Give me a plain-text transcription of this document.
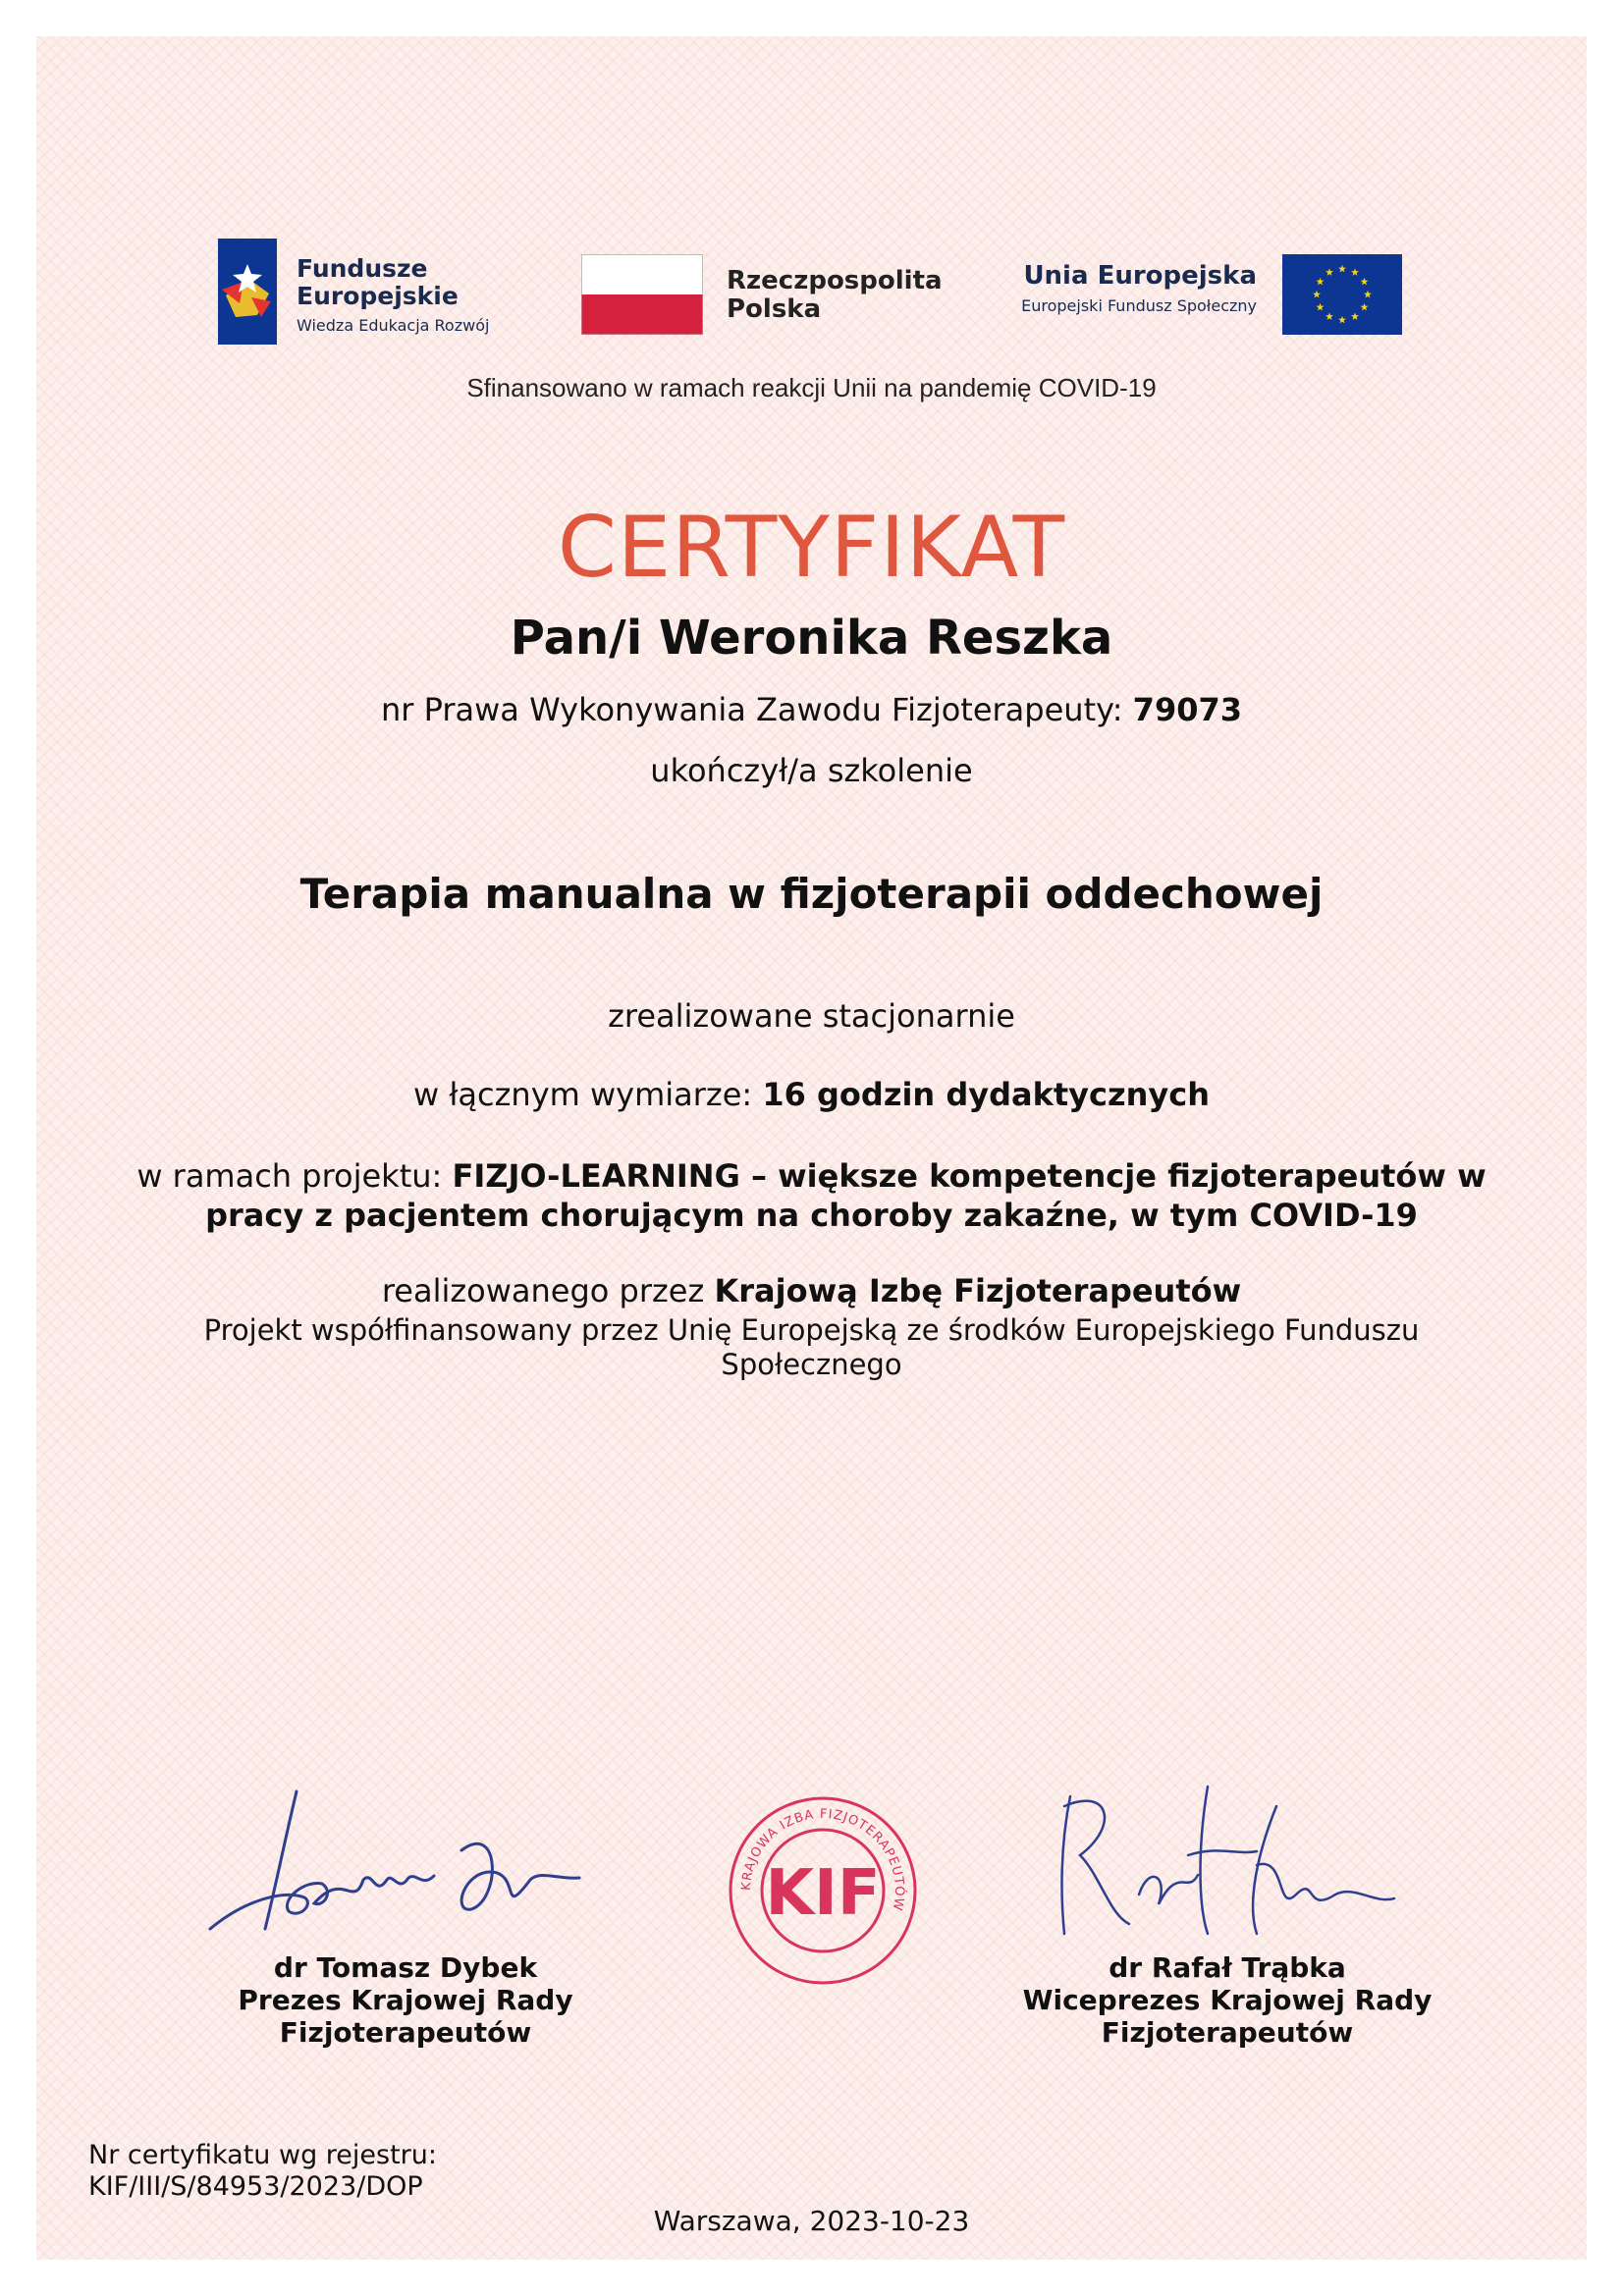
Fundusze
Europejskie
Wiedza Edukacja Rozwój
Rzeczpospolita
Polska
Unia Europejska
Europejski Fundusz Społeczny
Sfinansowano w ramach reakcji Unii na pandemię COVID-19
CERTYFIKAT
Pan/i Weronika Reszka
nr Prawa Wykonywania Zawodu Fizjoterapeuty: 79073
ukończył/a szkolenie
Terapia manualna w fizjoterapii oddechowej
zrealizowane stacjonarnie
w łącznym wymiarze: 16 godzin dydaktycznych
w ramach projektu: FIZJO-LEARNING – większe kompetencje fizjoterapeutów w
pracy z pacjentem chorującym na choroby zakaźne, w tym COVID-19
realizowanego przez Krajową Izbę Fizjoterapeutów
Projekt współfinansowany przez Unię Europejską ze środków Europejskiego Funduszu
Społecznego
KRAJOWA IZBA FIZJOTERAPEUTÓW
KIF
dr Tomasz Dybek
Prezes Krajowej Rady
Fizjoterapeutów
dr Rafał Trąbka
Wiceprezes Krajowej Rady
Fizjoterapeutów
Nr certyfikatu wg rejestru:
KIF/III/S/84953/2023/DOP
Warszawa, 2023-10-23
